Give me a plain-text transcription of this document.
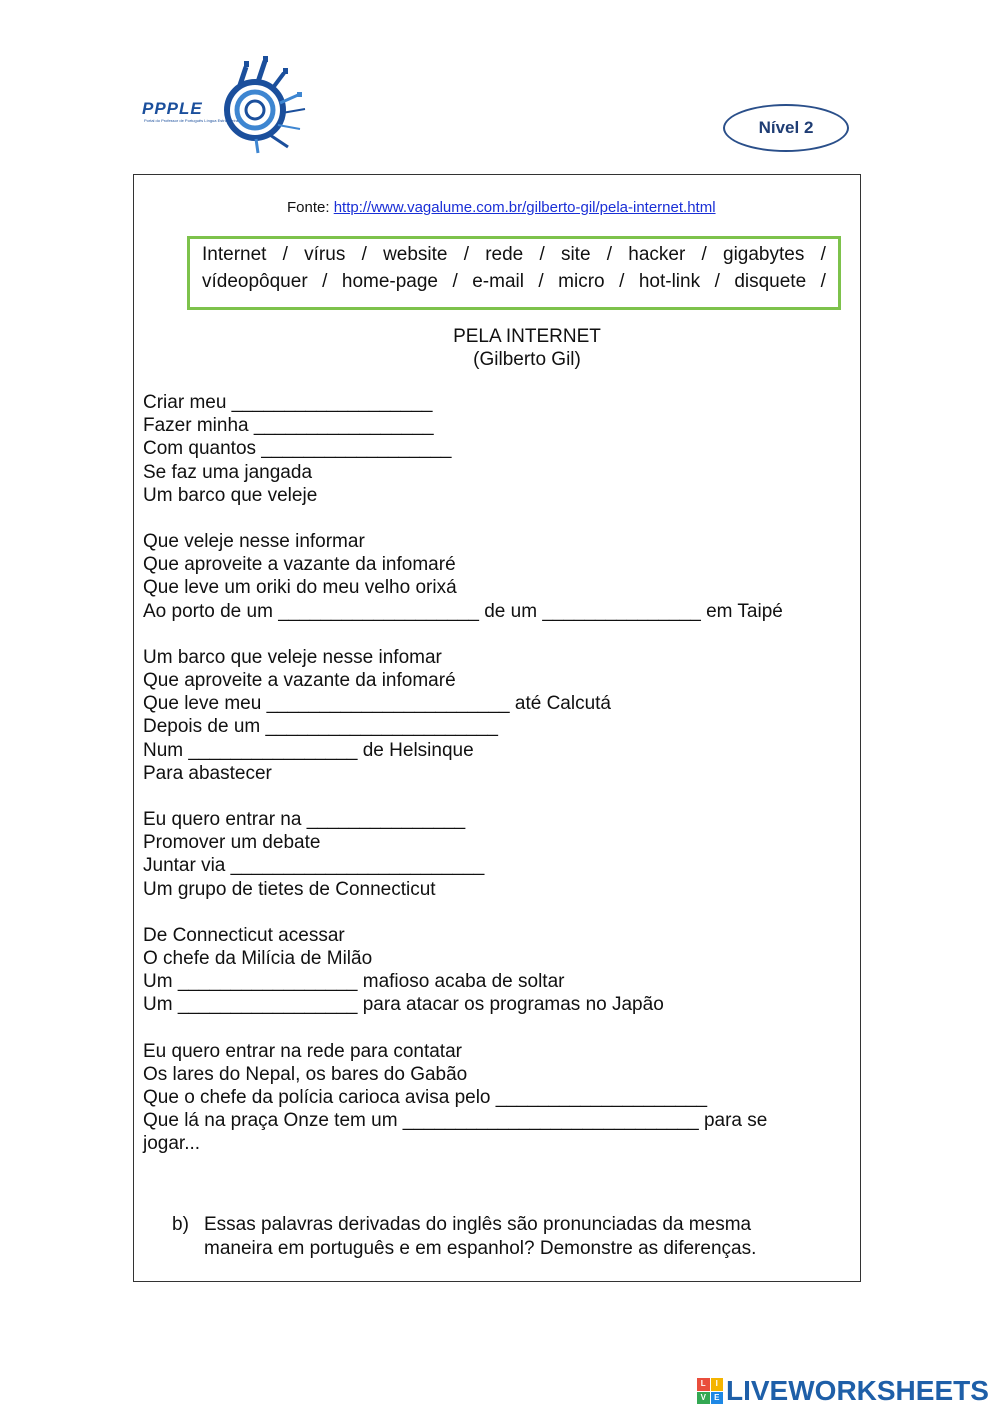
PPPLE
Portal do Professor de Português Língua Estrangeira	Nível 2
Fonte: http://www.vagalume.com.br/gilberto-gil/pela-internet.html
Internet / vírus / website / rede / site / hacker / gigabytes /
vídeopôquer / home-page / e-mail / micro / hot-link / disquete /
PELA INTERNET
(Gilberto Gil)
Criar meu ___________________
Fazer minha _________________
Com quantos __________________
Se faz uma jangada
Um barco que veleje
Que veleje nesse informar
Que aproveite a vazante da infomaré
Que leve um oriki do meu velho orixá
Ao porto de um ___________________ de um _______________ em Taipé
Um barco que veleje nesse infomar
Que aproveite a vazante da infomaré
Que leve meu _______________________ até Calcutá
Depois de um ______________________
Num ________________ de Helsinque
Para abastecer
Eu quero entrar na _______________
Promover um debate
Juntar via ________________________
Um grupo de tietes de Connecticut
De Connecticut acessar
O chefe da Milícia de Milão
Um _________________ mafioso acaba de soltar
Um _________________ para atacar os programas no Japão
Eu quero entrar na rede para contatar
Os lares do Nepal, os bares do Gabão
Que o chefe da polícia carioca avisa pelo ____________________
Que lá na praça Onze tem um ____________________________ para se
jogar...
b) Essas palavras derivadas do inglês são pronunciadas da mesma
maneira em português e em espanhol? Demonstre as diferenças.
L	I
V	E LIVEWORKSHEETS
